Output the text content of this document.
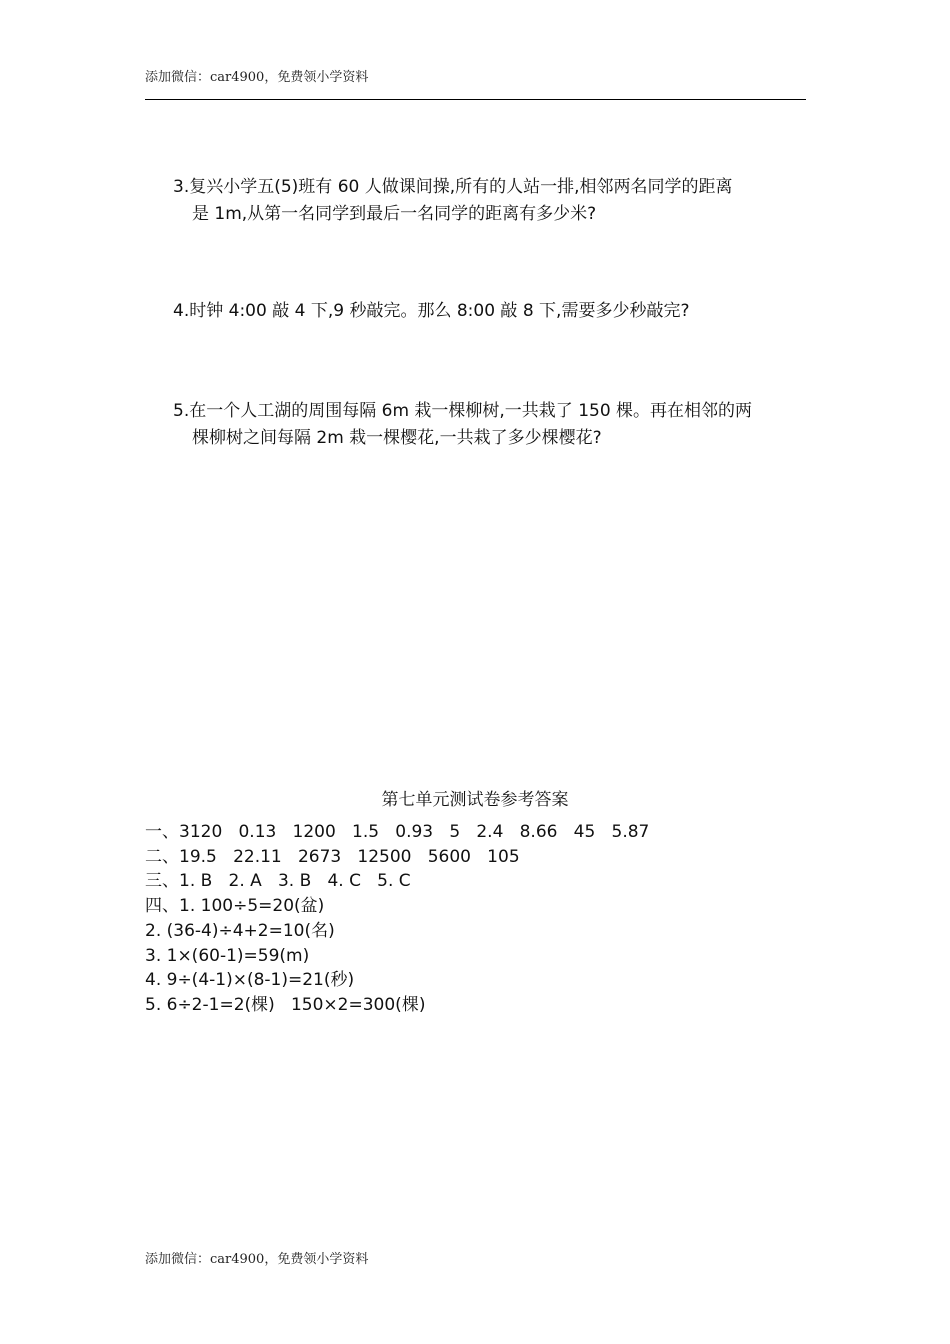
添加微信：car4900，免费领小学资料
3.复兴小学五(5)班有 60 人做课间操,所有的人站一排,相邻两名同学的距离
是 1m,从第一名同学到最后一名同学的距离有多少米?
4.时钟 4:00 敲 4 下,9 秒敲完。那么 8:00 敲 8 下,需要多少秒敲完?
5.在一个人工湖的周围每隔 6m 栽一棵柳树,一共栽了 150 棵。再在相邻的两
棵柳树之间每隔 2m 栽一棵樱花,一共栽了多少棵樱花?
第七单元测试卷参考答案
一、3120   0.13   1200   1.5   0.93   5   2.4   8.66   45   5.87
二、19.5   22.11   2673   12500   5600   105
三、1. B   2. A   3. B   4. C   5. C
四、1. 100÷5=20(盆)
2. (36-4)÷4+2=10(名)
3. 1×(60-1)=59(m)
4. 9÷(4-1)×(8-1)=21(秒)
5. 6÷2-1=2(棵)   150×2=300(棵)
添加微信：car4900，免费领小学资料
